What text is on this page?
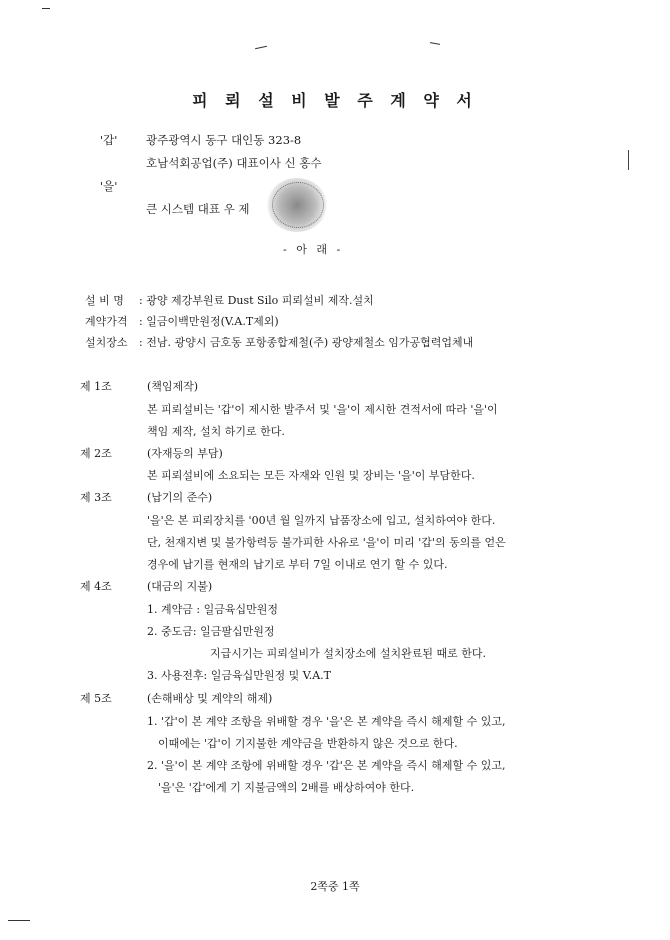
피 뢰 설 비 발 주 계 약 서
'갑' 광주광역시 동구 대인동 323-8
호남석회공업(주) 대표이사 신 홍수
'을'
큰 시스템 대표 우 제
- 아 래 -
설 비 명 : 광양 제강부원료 Dust Silo 피뢰설비 제작.설치
계약가격 : 일금이백만원정(V.A.T제외)
설치장소 : 전남. 광양시 금호동 포항종합제철(주) 광양제철소 임가공협력업체내
제 1조	(책임제작)
본 피뢰설비는 '갑'이 제시한 발주서 및 '을'이 제시한 견적서에 따라 '을'이
책임 제작, 설치 하기로 한다.
제 2조	(자재등의 부담)
본 피뢰설비에 소요되는 모든 자재와 인원 및 장비는 '을'이 부담한다.
제 3조	(납기의 준수)
'을'은 본 피뢰장치를 '00년 월 일까지 납품장소에 입고, 설치하여야 한다.
단, 천재지변 및 불가항력등 불가피한 사유로 '을'이 미리 '갑'의 동의를 얻은
경우에 납기를 현재의 납기로 부터 7일 이내로 연기 할 수 있다.
제 4조	(대금의 지불)
1. 계약금 : 일금육십만원정
2. 중도금: 일금팔십만원정
지급시기는 피뢰설비가 설치장소에 설치완료된 때로 한다.
3. 사용전후: 일금육십만원정 및 V.A.T
제 5조	(손해배상 및 계약의 해제)
1. '갑'이 본 계약 조항을 위배할 경우 '을'은 본 계약을 즉시 해제할 수 있고,
이때에는 '갑'이 기지불한 계약금을 반환하지 않은 것으로 한다.
2. '을'이 본 계약 조항에 위배할 경우 '갑'은 본 계약을 즉시 해제할 수 있고,
'을'은 '갑'에게 기 지불금액의 2배를 배상하여야 한다.
2쪽중 1쪽
